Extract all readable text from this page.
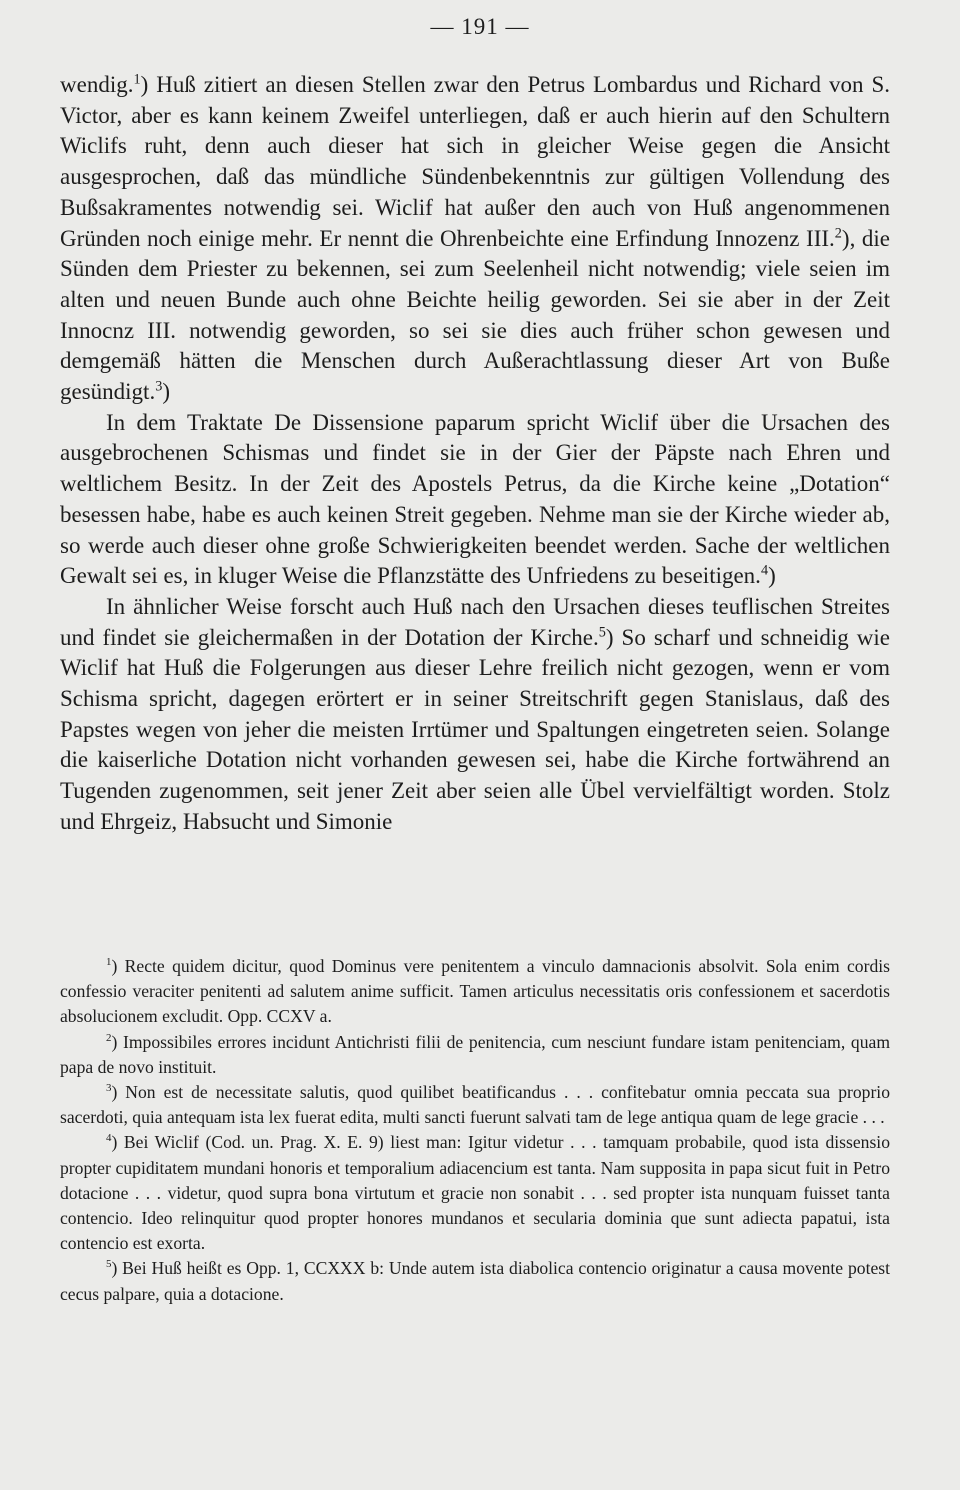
— 191 —

wendig.$^1$) Huß zitiert an diesen Stellen zwar den Petrus Lombardus und Richard von S. Victor, aber es kann keinem Zweifel unterliegen, daß er auch hierin auf den Schultern Wiclifs ruht, denn auch dieser hat sich in gleicher Weise gegen die Ansicht ausgesprochen, daß das mündliche Sündenbekenntnis zur gültigen Vollendung des Bußsakramentes notwendig sei. Wiclif hat außer den auch von Huß angenommenen Gründen noch einige mehr. Er nennt die Ohrenbeichte eine Erfindung Innozenz III.$^2$), die Sünden dem Priester zu bekennen, sei zum Seelenheil nicht notwendig; viele seien im alten und neuen Bunde auch ohne Beichte heilig geworden. Sei sie aber in der Zeit Innocnz III. notwendig geworden, so sei sie dies auch früher schon gewesen und demgemäß hätten die Menschen durch Außerachtlassung dieser Art von Buße gesündigt.$^3$)

In dem Traktate De Dissensione paparum spricht Wiclif über die Ursachen des ausgebrochenen Schismas und findet sie in der Gier der Päpste nach Ehren und weltlichem Besitz. In der Zeit des Apostels Petrus, da die Kirche keine „Dotation“ besessen habe, habe es auch keinen Streit gegeben. Nehme man sie der Kirche wieder ab, so werde auch dieser ohne große Schwierigkeiten beendet werden. Sache der weltlichen Gewalt sei es, in kluger Weise die Pflanzstätte des Unfriedens zu beseitigen.$^4$)

In ähnlicher Weise forscht auch Huß nach den Ursachen dieses teuflischen Streites und findet sie gleichermaßen in der Dotation der Kirche.$^5$) So scharf und schneidig wie Wiclif hat Huß die Folgerungen aus dieser Lehre freilich nicht gezogen, wenn er vom Schisma spricht, dagegen erörtert er in seiner Streitschrift gegen Stanislaus, daß des Papstes wegen von jeher die meisten Irrtümer und Spaltungen eingetreten seien. Solange die kaiserliche Dotation nicht vorhanden gewesen sei, habe die Kirche fortwährend an Tugenden zugenommen, seit jener Zeit aber seien alle Übel vervielfältigt worden. Stolz und Ehrgeiz, Habsucht und Simonie

$^1$) Recte quidem dicitur, quod Dominus vere penitentem a vinculo damnacionis absolvit. Sola enim cordis confessio veraciter penitenti ad salutem anime sufficit. Tamen articulus necessitatis oris confessionem et sacerdotis absolucionem excludit. Opp. CCXV a.

$^2$) Impossibiles errores incidunt Antichristi filii de penitencia, cum nesciunt fundare istam penitenciam, quam papa de novo instituit.

$^3$) Non est de necessitate salutis, quod quilibet beatificandus . . . confitebatur omnia peccata sua proprio sacerdoti, quia antequam ista lex fuerat edita, multi sancti fuerunt salvati tam de lege antiqua quam de lege gracie . . .

$^4$) Bei Wiclif (Cod. un. Prag. X. E. 9) liest man: Igitur videtur . . . tamquam probabile, quod ista dissensio propter cupiditatem mundani honoris et temporalium adiacencium est tanta. Nam supposita in papa sicut fuit in Petro dotacione . . . videtur, quod supra bona virtutum et gracie non sonabit . . . sed propter ista nunquam fuisset tanta contencio. Ideo relinquitur quod propter honores mundanos et secularia dominia que sunt adiecta papatui, ista contencio est exorta.

$^5$) Bei Huß heißt es Opp. 1, CCXXX b: Unde autem ista diabolica contencio originatur a causa movente potest cecus palpare, quia a dotacione.
